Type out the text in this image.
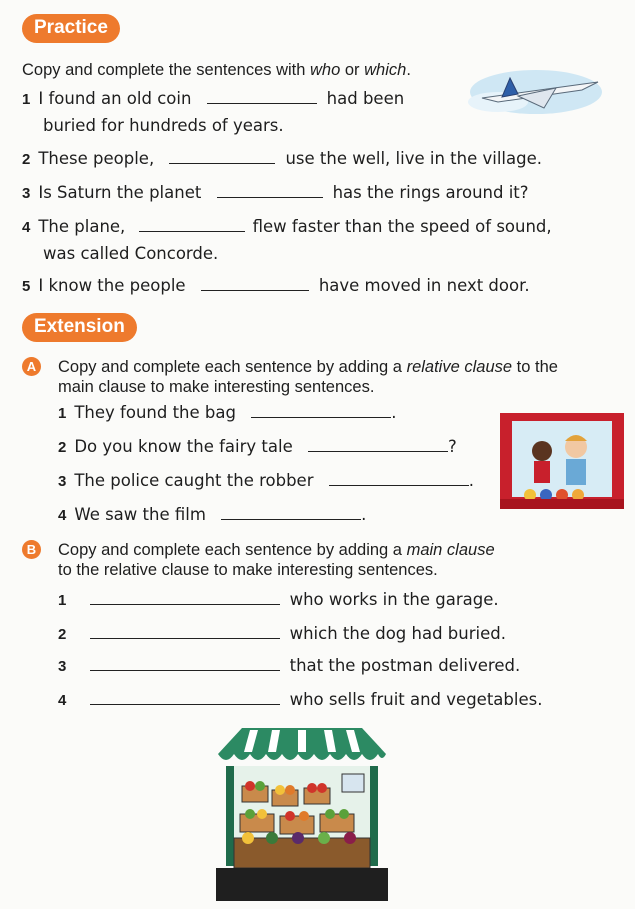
Practice
Copy and complete the sentences with who or which.
1 I found an old coin	had been
buried for hundreds of years.
2 These people,	use the well, live in the village.
3 Is Saturn the planet	has the rings around it?
4 The plane,	flew faster than the speed of sound,
was called Concorde.
5 I know the people	have moved in next door.
Extension
A Copy and complete each sentence by adding a relative clause to the
main clause to make interesting sentences.
1 They found the bag	.
2 Do you know the fairy tale	?
3 The police caught the robber	.
4 We saw the film	.
B Copy and complete each sentence by adding a main clause
to the relative clause to make interesting sentences.
1	who works in the garage.
2	which the dog had buried.
3	that the postman delivered.
4	who sells fruit and vegetables.
